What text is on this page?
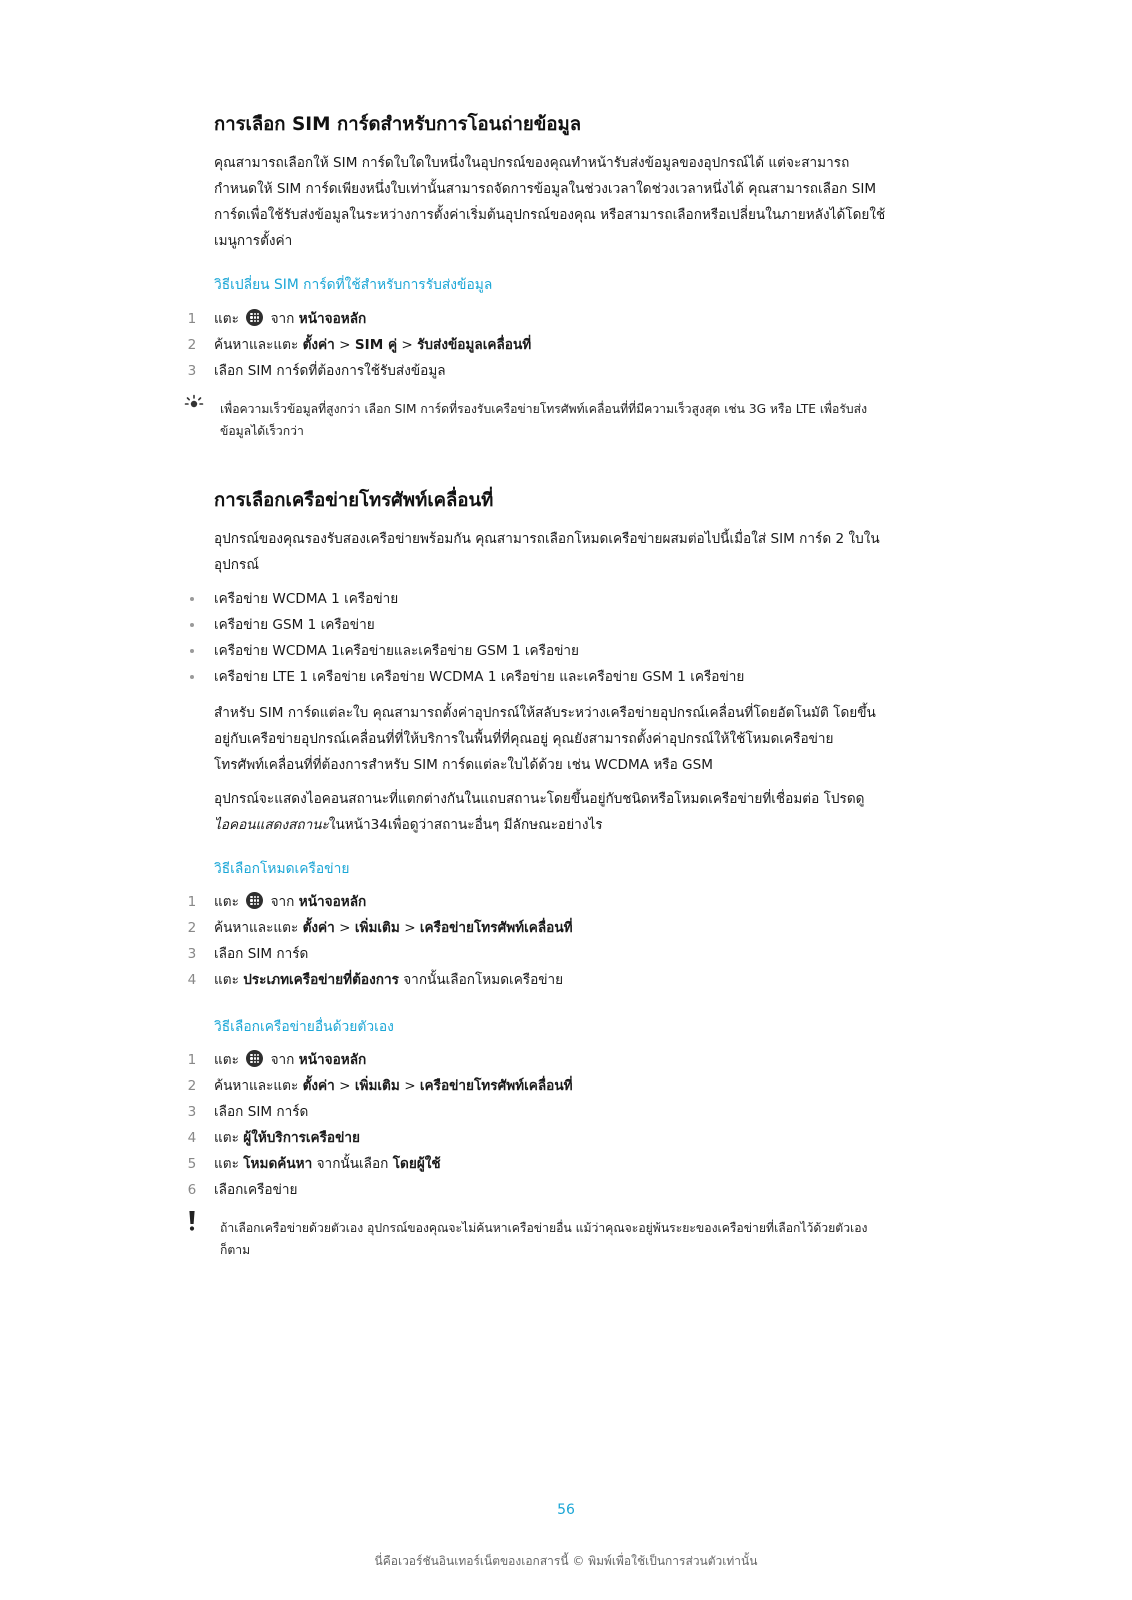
การเลือก SIM การ์ดสำหรับการโอนถ่ายข้อมูล

คุณสามารถเลือกให้ SIM การ์ดใบใดใบหนึ่งในอุปกรณ์ของคุณทำหน้ารับส่งข้อมูลของอุปกรณ์ได้ แต่จะสามารถ
กำหนดให้ SIM การ์ดเพียงหนึ่งใบเท่านั้นสามารถจัดการข้อมูลในช่วงเวลาใดช่วงเวลาหนึ่งได้ คุณสามารถเลือก SIM
การ์ดเพื่อใช้รับส่งข้อมูลในระหว่างการตั้งค่าเริ่มต้นอุปกรณ์ของคุณ หรือสามารถเลือกหรือเปลี่ยนในภายหลังได้โดยใช้
เมนูการตั้งค่า

วิธีเปลี่ยน SIM การ์ดที่ใช้สำหรับการรับส่งข้อมูล

1 แตะ จาก หน้าจอหลัก
2 ค้นหาและแตะ ตั้งค่า > SIM คู่ > รับส่งข้อมูลเคลื่อนที่
3 เลือก SIM การ์ดที่ต้องการใช้รับส่งข้อมูล

เพื่อความเร็วข้อมูลที่สูงกว่า เลือก SIM การ์ดที่รองรับเครือข่ายโทรศัพท์เคลื่อนที่ที่มีความเร็วสูงสุด เช่น 3G หรือ LTE เพื่อรับส่ง
ข้อมูลได้เร็วกว่า

การเลือกเครือข่ายโทรศัพท์เคลื่อนที่

อุปกรณ์ของคุณรองรับสองเครือข่ายพร้อมกัน คุณสามารถเลือกโหมดเครือข่ายผสมต่อไปนี้เมื่อใส่ SIM การ์ด 2 ใบใน
อุปกรณ์

เครือข่าย WCDMA 1 เครือข่าย
เครือข่าย GSM 1 เครือข่าย
เครือข่าย WCDMA 1เครือข่ายและเครือข่าย GSM 1 เครือข่าย
เครือข่าย LTE 1 เครือข่าย เครือข่าย WCDMA 1 เครือข่าย และเครือข่าย GSM 1 เครือข่าย

สำหรับ SIM การ์ดแต่ละใบ คุณสามารถตั้งค่าอุปกรณ์ให้สลับระหว่างเครือข่ายอุปกรณ์เคลื่อนที่โดยอัตโนมัติ โดยขึ้น
อยู่กับเครือข่ายอุปกรณ์เคลื่อนที่ที่ให้บริการในพื้นที่ที่คุณอยู่ คุณยังสามารถตั้งค่าอุปกรณ์ให้ใช้โหมดเครือข่าย
โทรศัพท์เคลื่อนที่ที่ต้องการสำหรับ SIM การ์ดแต่ละใบได้ด้วย เช่น WCDMA หรือ GSM

อุปกรณ์จะแสดงไอคอนสถานะที่แตกต่างกันในแถบสถานะโดยขึ้นอยู่กับชนิดหรือโหมดเครือข่ายที่เชื่อมต่อ โปรดดู
ไอคอนแสดงสถานะในหน้า34เพื่อดูว่าสถานะอื่นๆ มีลักษณะอย่างไร

วิธีเลือกโหมดเครือข่าย

1 แตะ จาก หน้าจอหลัก
2 ค้นหาและแตะ ตั้งค่า > เพิ่มเติม > เครือข่ายโทรศัพท์เคลื่อนที่
3 เลือก SIM การ์ด
4 แตะ ประเภทเครือข่ายที่ต้องการ จากนั้นเลือกโหมดเครือข่าย

วิธีเลือกเครือข่ายอื่นด้วยตัวเอง

1 แตะ จาก หน้าจอหลัก
2 ค้นหาและแตะ ตั้งค่า > เพิ่มเติม > เครือข่ายโทรศัพท์เคลื่อนที่
3 เลือก SIM การ์ด
4 แตะ ผู้ให้บริการเครือข่าย
5 แตะ โหมดค้นหา จากนั้นเลือก โดยผู้ใช้
6 เลือกเครือข่าย

ถ้าเลือกเครือข่ายด้วยตัวเอง อุปกรณ์ของคุณจะไม่ค้นหาเครือข่ายอื่น แม้ว่าคุณจะอยู่พ้นระยะของเครือข่ายที่เลือกไว้ด้วยตัวเอง
ก็ตาม

56
นี่คือเวอร์ชันอินเทอร์เน็ตของเอกสารนี้ © พิมพ์เพื่อใช้เป็นการส่วนตัวเท่านั้น
